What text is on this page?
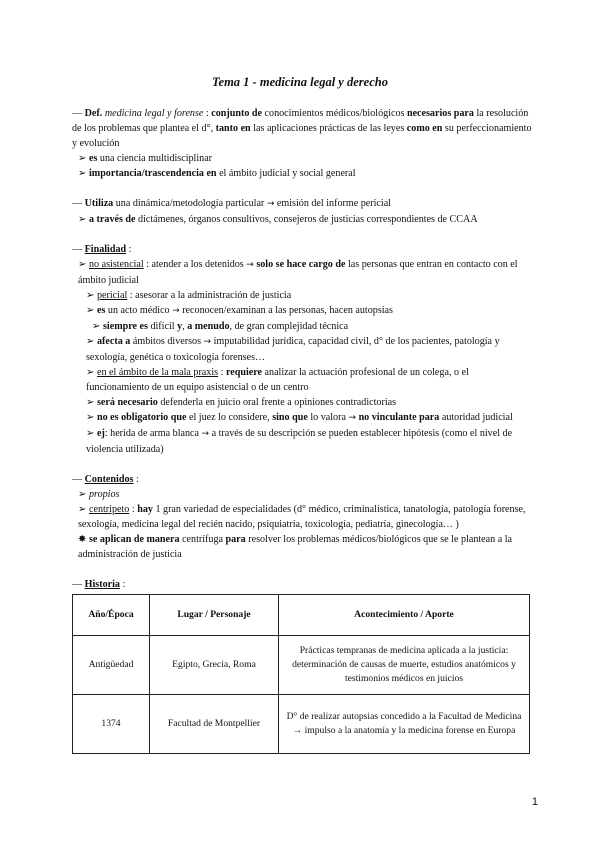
Tema 1 - medicina legal y derecho

— Def. medicina legal y forense : conjunto de conocimientos médicos/biológicos necesarios para la resolución de los problemas que plantea el d°, tanto en las aplicaciones prácticas de las leyes como en su perfeccionamiento y evolución

➢ es una ciencia multidisciplinar

➢ importancia/trascendencia en el ámbito judicial y social general

— Utiliza una dinámica/metodología particular → emisión del informe pericial

➢ a través de dictámenes, órganos consultivos, consejeros de justicias correspondientes de CCAA

— Finalidad :

➢ no asistencial : atender a los detenidos → solo se hace cargo de las personas que entran en contacto con el ámbito judicial

➢ pericial : asesorar a la administración de justicia

➢ es un acto médico → reconocen/examinan a las personas, hacen autopsias

➢ siempre es difícil y, a menudo, de gran complejidad técnica

➢ afecta a ámbitos diversos → imputabilidad jurídica, capacidad civil, d° de los pacientes, patología y sexología, genética o toxicología forenses…

➢ en el ámbito de la mala praxis : requiere analizar la actuación profesional de un colega, o el funcionamiento de un equipo asistencial o de un centro

➢ será necesario defenderla en juicio oral frente a opiniones contradictorias

➢ no es obligatorio que el juez lo considere, sino que lo valora → no vinculante para autoridad judicial

➢ ej: herida de arma blanca → a través de su descripción se pueden establecer hipótesis (como el nivel de violencia utilizada)

— Contenidos :

➢ propios

➢ centripeto : hay 1 gran variedad de especialidades (d° médico, criminalística, tanatología, patología forense, sexología, medicina legal del recién nacido, psiquiatría, toxicología, pediatría, ginecología… )

✸ se aplican de manera centrífuga para resolver los problemas médicos/biológicos que se le plantean a la administración de justicia

— Historia :

Año/Época	Lugar / Personaje	Acontecimiento / Aporte
Antigüedad	Egipto, Grecia, Roma	Prácticas tempranas de medicina aplicada a la justicia: determinación de causas de muerte, estudios anatómicos y testimonios médicos en juicios
1374	Facultad de Montpellier	D° de realizar autopsias concedido a la Facultad de Medicina → impulso a la anatomía y la medicina forense en Europa
1
